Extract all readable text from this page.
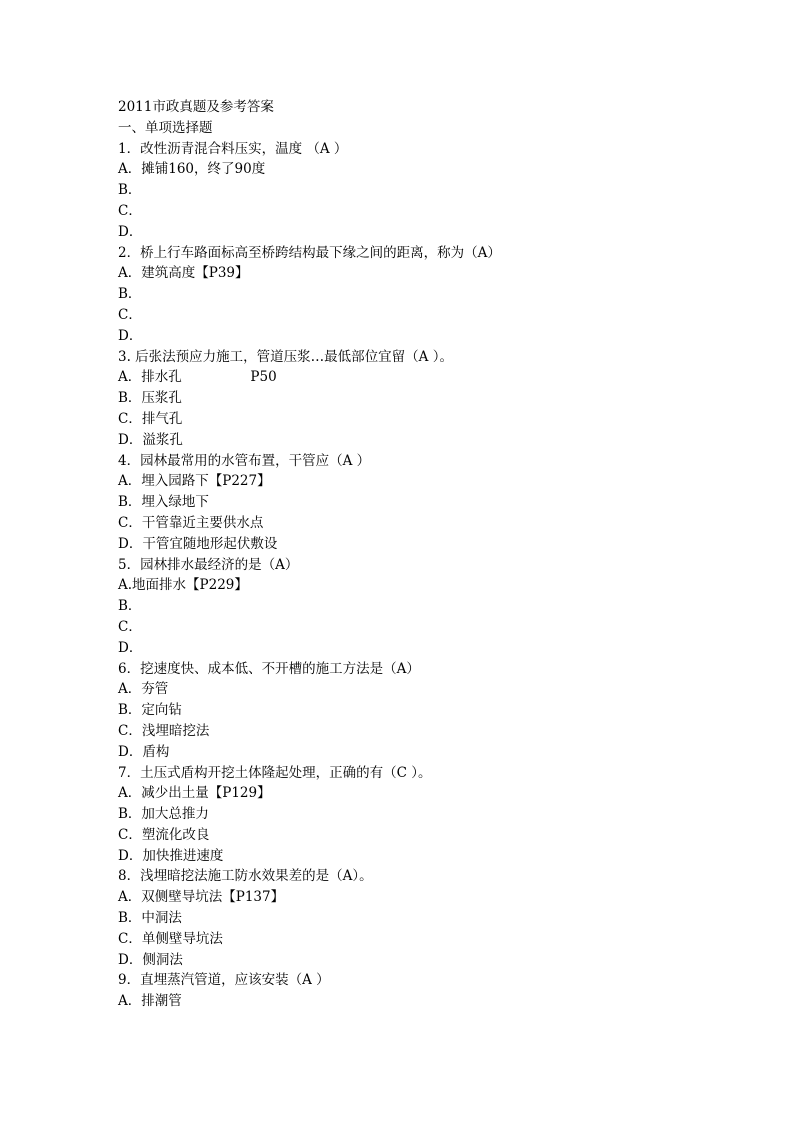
2011市政真题及参考答案
一、单项选择题
1．改性沥青混合料压实，温度 （A ）
A．摊铺160，终了90度
B．
C．
D．
2．桥上行车路面标高至桥跨结构最下缘之间的距离，称为（A）
A．建筑高度【P39】
B．
C．
D．
3. 后张法预应力施工，管道压浆…最低部位宜留（A ）。
A．排水孔                P50
B．压浆孔
C．排气孔
D．溢浆孔
4．园林最常用的水管布置，干管应（A ）
A．埋入园路下【P227】
B．埋入绿地下
C．干管靠近主要供水点
D．干管宜随地形起伏敷设
5．园林排水最经济的是（A）
A.地面排水【P229】
B．
C．
D．
6．挖速度快、成本低、不开槽的施工方法是（A）
A．夯管
B．定向钻
C．浅埋暗挖法
D．盾构
7．土压式盾构开挖土体隆起处理，正确的有（C ）。
A．减少出土量【P129】
B．加大总推力
C．塑流化改良
D．加快推进速度
8．浅埋暗挖法施工防水效果差的是（A）。
A．双侧壁导坑法【P137】
B．中洞法
C．单侧壁导坑法
D．侧洞法
9．直埋蒸汽管道，应该安装（A ）
A．排潮管
